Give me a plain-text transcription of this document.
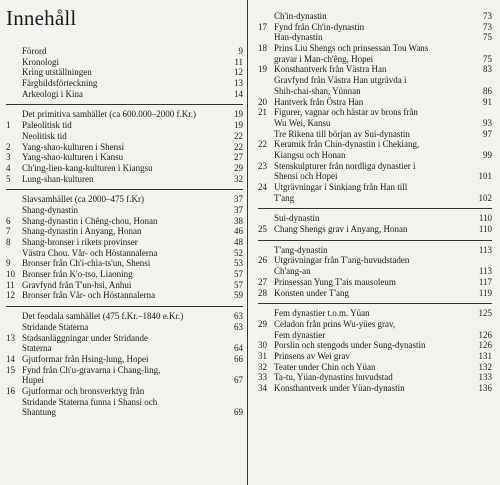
Innehåll
Förord	9
Kronologi	11
Kring utställningen	12
Färgbildsförteckning	13
Arkeologi i Kina	14
Det primitiva samhället (ca 600.000–2000 f.Kr.)	19
1	Paleolitisk tid	19
Neolitisk tid	22
2	Yang-shao-kulturen i Shensi	22
3	Yang-shao-kulturen i Kansu	27
4	Ch'ing-lien-kang-kulturen i Kiangsu	29
5	Lung-shan-kulturen	32
Slavsamhället (ca 2000–475 f.Kr)	37
Shang-dynastin	37
6	Shang-dynastin i Chêng-chou, Honan	38
7	Shang-dynastin i Anyang, Honan	46
8	Shang-bronser i rikets provinser	48
Västra Chou. Vår- och Höstannalerna	52
9	Bronser från Ch'i-chia-ts'un, Shensi	53
10 Bronser från K'o-tso, Liaoning	57
11 Gravfynd från T'un-hsi, Anhui	57
12 Bronser från Vår- och Höstannalerna	59
Det feodala samhället (475 f.Kr.–1840 e.Kr.)	63
Stridande Staterna	63
13 Stadsanläggningar under Stridande
Staterna	64
14 Gjutformar från Hsing-lung, Hopei	66
15 Fynd från Ch'u-gravarna i Chang-ling,
Hupei	67
16 Gjutformar och bronsverktyg från
Stridande Staterna funna i Shansi och
Shantung	69
Ch'in-dynastin	73
17 Fynd från Ch'in-dynastin	73
Han-dynastin	75
18 Prins Liu Shengs och prinsessan Tou Wans
gravar i Man-ch'êng, Hopei	75
19 Konsthantverk från Västra Han	83
Gravfynd från Västra Han utgrävda i
Shih-chai-shan, Yünnan	86
20 Hantverk från Östra Han	91
21 Figurer, vagnar och hästar av brons från
Wu Wei, Kansu	93
Tre Rikena till början av Sui-dynastin	97
22 Keramik från Chin-dynastin i Chekiang,
Kiangsu och Honan	99
23 Stenskulpturer från nordliga dynastier i
Shensi och Hopei	101
24 Utgrävningar i Sinkiang från Han till
T'ang	102
Sui-dynastin	110
25 Chang Shengs grav i Anyang, Honan	110
T'ang-dynastin	113
26 Utgrävningar från T'ang-huvudstaden
Ch'ang-an	113
27 Prinsessan Yung T'ais mausoleum	117
28 Konsten under T'ang	119
Fem dynastier t.o.m. Yüan	125
29 Celadon från prins Wu-yües grav,
Fem dynastier	126
30 Porslin och stengods under Sung-dynastin	126
31 Prinsens av Wei grav	131
32 Teater under Chin och Yüan	132
33 Ta-tu, Yüan-dynastins huvudstad	133
34 Konsthantverk under Yüan-dynastin	136
